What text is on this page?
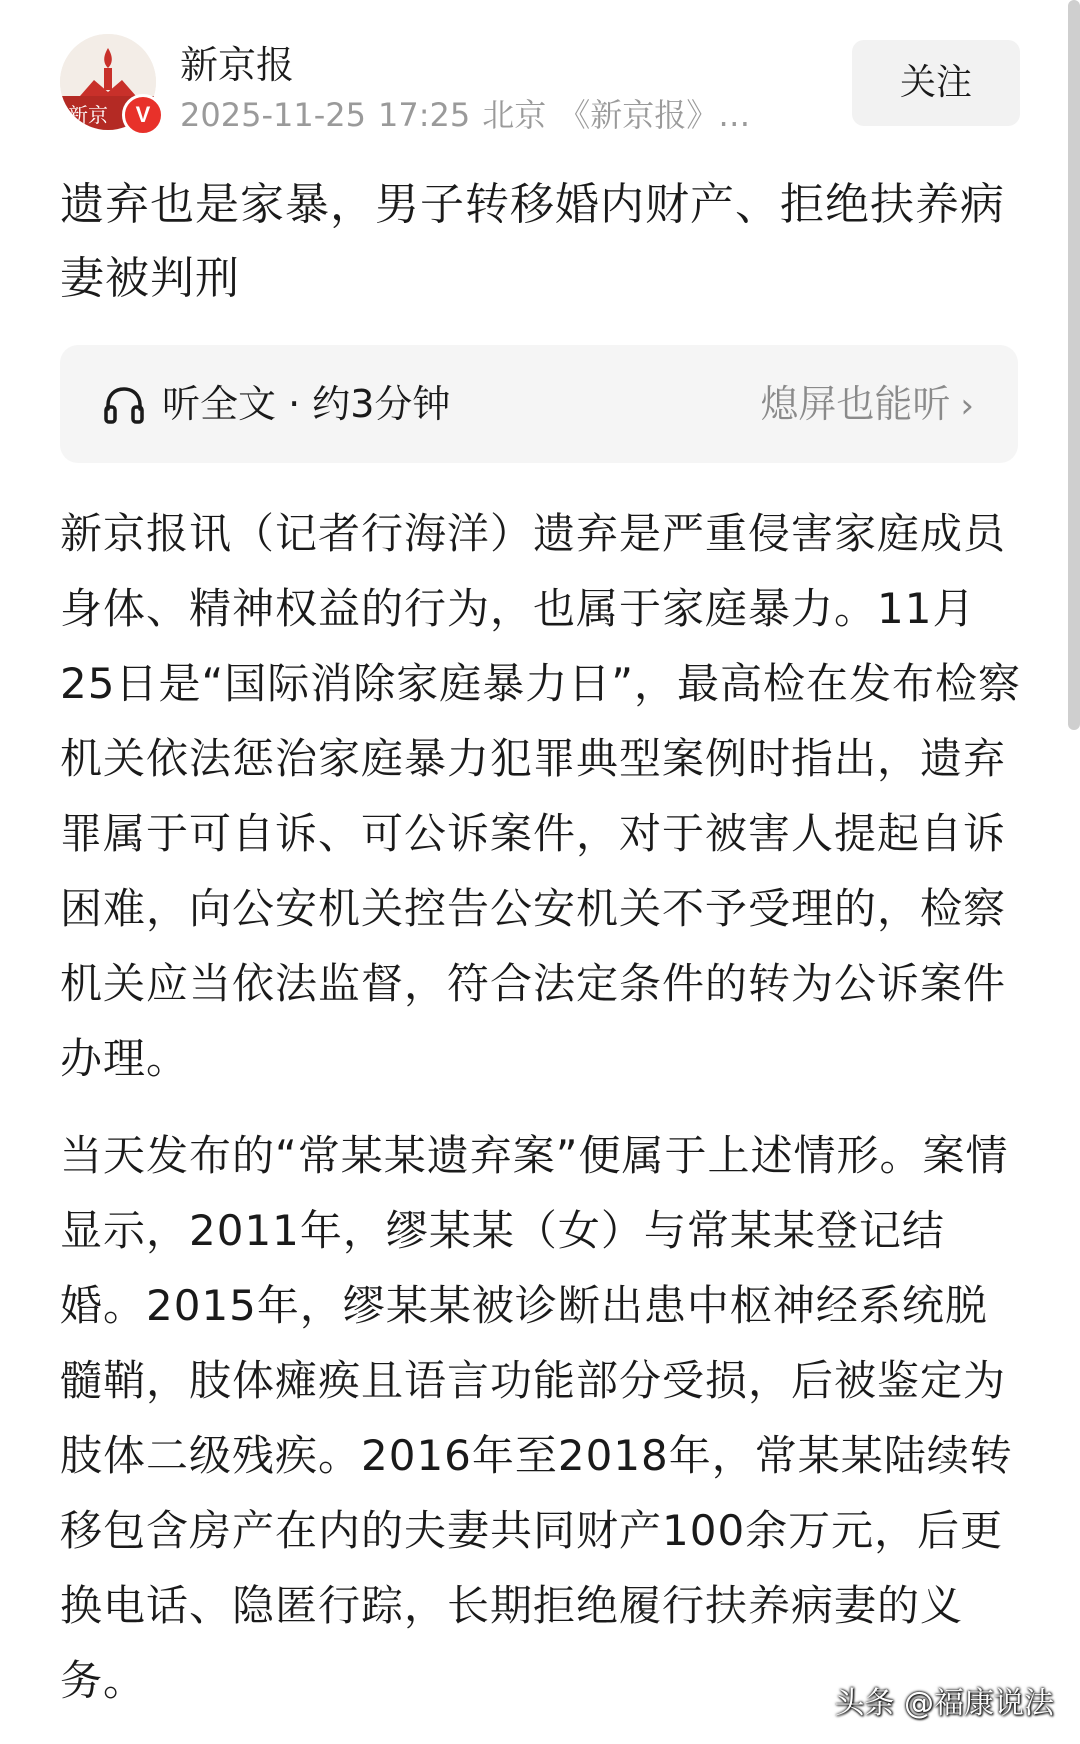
新京	V
新京报
2025-11-25 17:25 北京 《新京报》…
关注
遗弃也是家暴，男子转移婚内财产、拒绝扶养病妻被判刑
听全文 · 约3分钟	熄屏也能听 ›
新京报讯（记者行海洋）遗弃是严重侵害家庭成员身体、精神权益的行为，也属于家庭暴力。11月25日是“国际消除家庭暴力日”，最高检在发布检察机关依法惩治家庭暴力犯罪典型案例时指出，遗弃罪属于可自诉、可公诉案件，对于被害人提起自诉困难，向公安机关控告公安机关不予受理的，检察机关应当依法监督，符合法定条件的转为公诉案件办理。
当天发布的“常某某遗弃案”便属于上述情形。案情显示，2011年，缪某某（女）与常某某登记结婚。2015年，缪某某被诊断出患中枢神经系统脱髓鞘，肢体瘫痪且语言功能部分受损，后被鉴定为肢体二级残疾。2016年至2018年，常某某陆续转移包含房产在内的夫妻共同财产100余万元，后更换电话、隐匿行踪，长期拒绝履行扶养病妻的义务。	头条 @福康说法
